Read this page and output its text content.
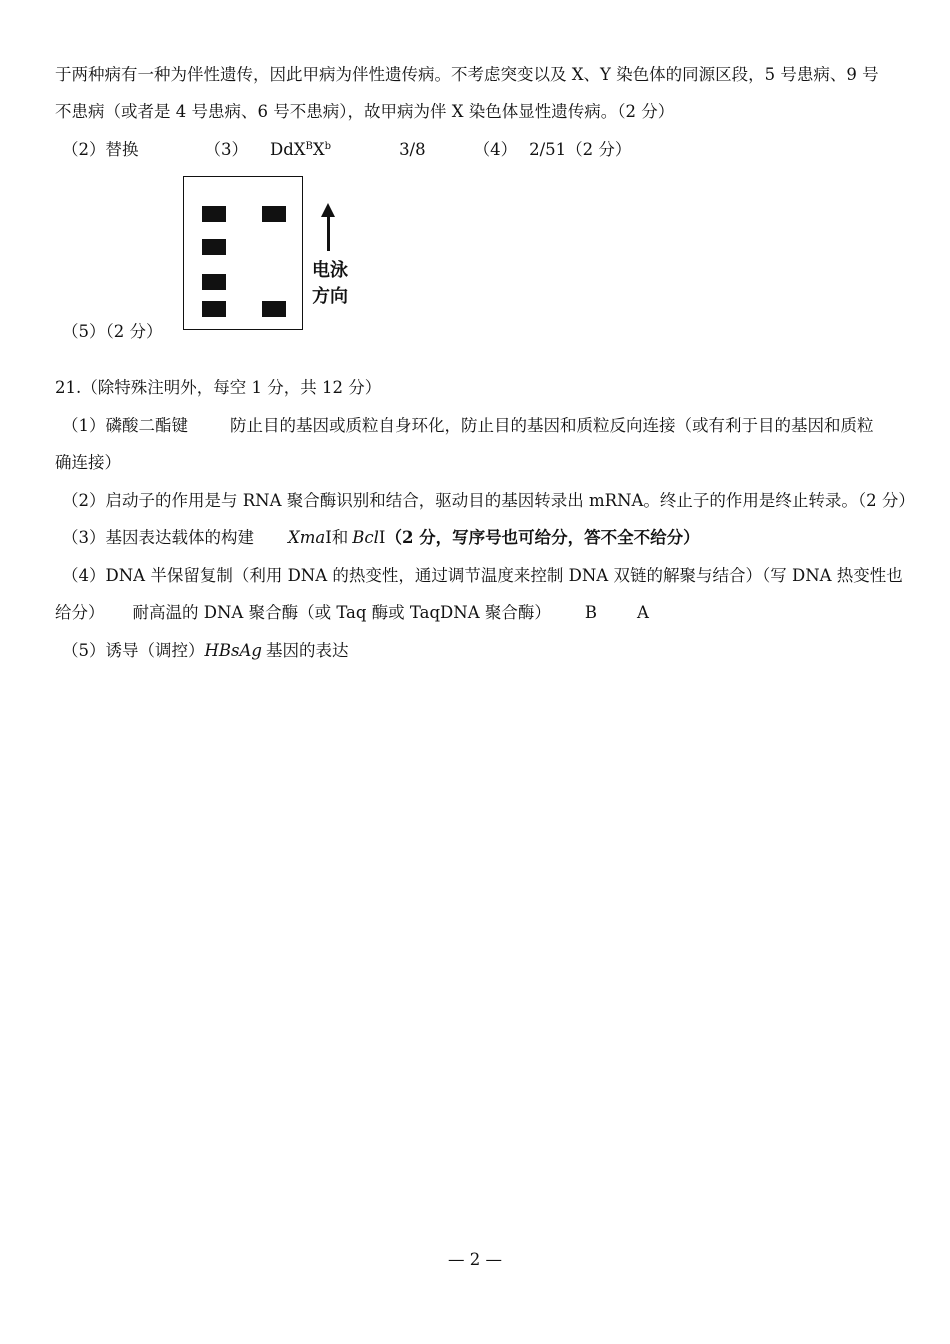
于两种病有一种为伴性遗传，因此甲病为伴性遗传病。不考虑突变以及 X、Y 染色体的同源区段，5 号患病、9 号
不患病（或者是 4 号患病、6 号不患病），故甲病为伴 X 染色体显性遗传病。（2 分）
（2）替换	（3） $DdX^BX^b$	3/8	（4） 2/51（2 分）
电泳
方向
（5）（2 分）
21.（除特殊注明外，每空 1 分，共 12 分）
（1）磷酸二酯键	防止目的基因或质粒自身环化，防止目的基因和质粒反向连接（或有利于目的基因和质粒
确连接）
（2）启动子的作用是与 RNA 聚合酶识别和结合，驱动目的基因转录出 mRNA。终止子的作用是终止转录。（2 分）
（3）基因表达载体的构建 XmaⅠ和 BclⅠ（2 分，写序号也可给分，答不全不给分）
（4）DNA 半保留复制（利用 DNA 的热变性，通过调节温度来控制 DNA 双链的解聚与结合）（写 DNA 热变性也
给分） 耐高温的 DNA 聚合酶（或 Taq 酶或 TaqDNA 聚合酶） B A
（5）诱导（调控）HBsAg 基因的表达
— 2 —
